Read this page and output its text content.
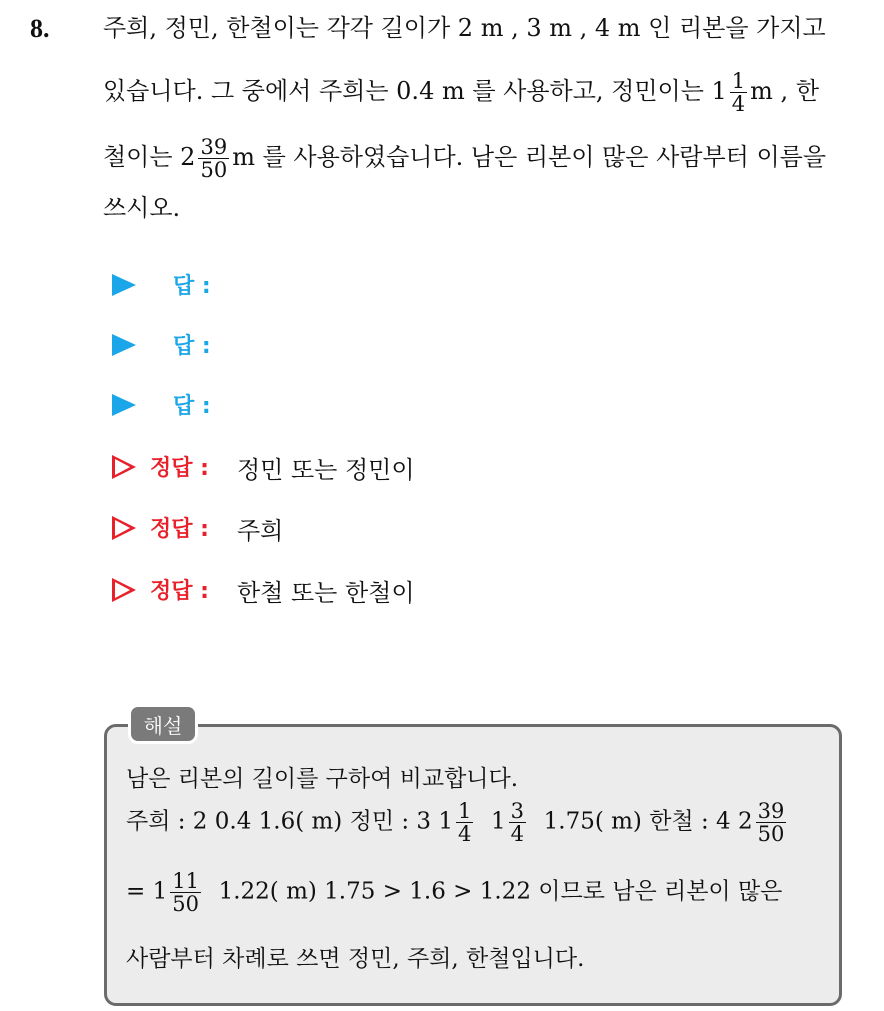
8. 주희, 정민, 한철이는 각각 길이가 2 m , 3 m , 4 m 인 리본을 가지고
있습니다. 그 중에서 주희는 0.4 m 를 사용하고, 정민이는 $1 \frac{1}{4}$ m , 한
철이는 $2 \frac{39}{50}$ m 를 사용하였습니다. 남은 리본이 많은 사람부터 이름을
쓰시오.
답 :
답 :
답 :
정답 : 정민 또는 정민이
정답 : 주희
정답 : 한철 또는 한철이
해설
남은 리본의 길이를 구하여 비교합니다.
주희 : 2 0.4 1.6( m) 정민 : 3 $1 \frac{1}{4} 1 \frac{3}{4} 1.75$( m) 한철 : 4 $2 \frac{39}{50}$
= $1 \frac{11}{50} 1.22$( m) 1.75 > 1.6 > 1.22 이므로 남은 리본이 많은
사람부터 차례로 쓰면 정민, 주희, 한철입니다.
